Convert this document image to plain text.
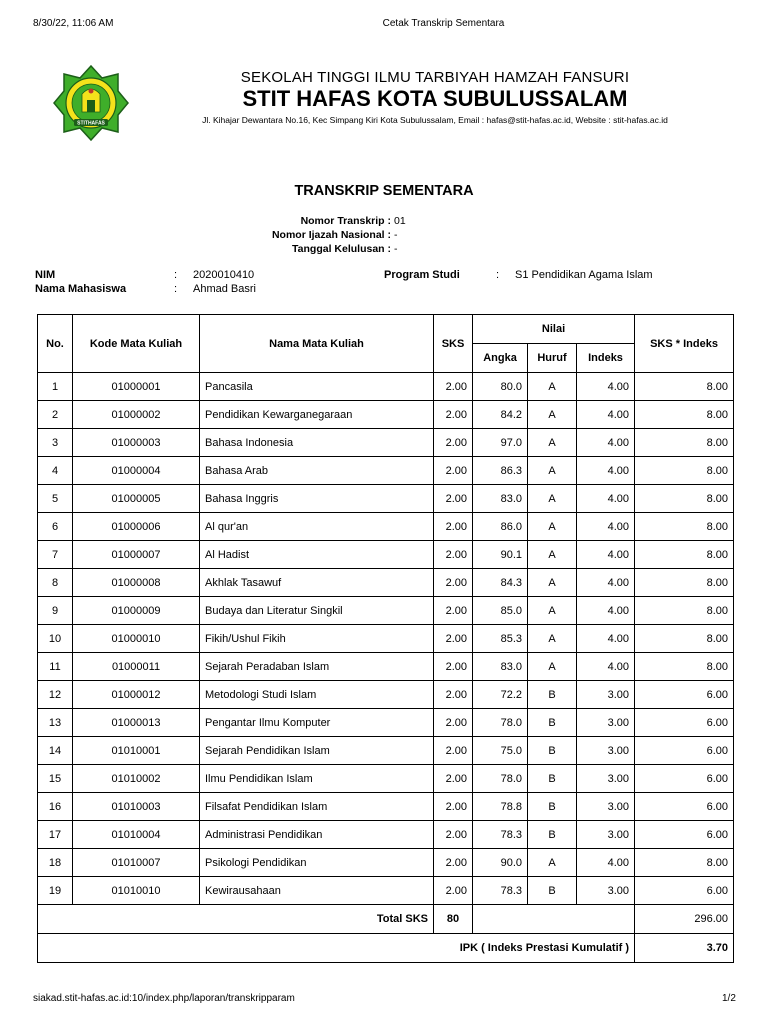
8/30/22, 11:06 AM	Cetak Transkrip Sementara
STITHAFAS
SEKOLAH TINGGI ILMU TARBIYAH HAMZAH FANSURI
STIT HAFAS KOTA SUBULUSSALAM
Jl. Kihajar Dewantara No.16, Kec Simpang Kiri Kota Subulussalam, Email : hafas@stit-hafas.ac.id, Website : stit-hafas.ac.id
TRANSKRIP SEMENTARA
Nomor Transkrip : 01
Nomor Ijazah Nasional : -
Tanggal Kelulusan : -
NIM	: 2020010410
Nama Mahasiswa	: Ahmad Basri
Program Studi	: S1 Pendidikan Agama Islam
No.	Kode Mata Kuliah	Nama Mata Kuliah	SKS	Nilai			SKS * Indeks
				Angka	Huruf	Indeks	
1	01000001	Pancasila	2.00	80.0	A	4.00	8.00
2	01000002	Pendidikan Kewarganegaraan	2.00	84.2	A	4.00	8.00
3	01000003	Bahasa Indonesia	2.00	97.0	A	4.00	8.00
4	01000004	Bahasa Arab	2.00	86.3	A	4.00	8.00
5	01000005	Bahasa Inggris	2.00	83.0	A	4.00	8.00
6	01000006	Al qur'an	2.00	86.0	A	4.00	8.00
7	01000007	Al Hadist	2.00	90.1	A	4.00	8.00
8	01000008	Akhlak Tasawuf	2.00	84.3	A	4.00	8.00
9	01000009	Budaya dan Literatur Singkil	2.00	85.0	A	4.00	8.00
10	01000010	Fikih/Ushul Fikih	2.00	85.3	A	4.00	8.00
11	01000011	Sejarah Peradaban Islam	2.00	83.0	A	4.00	8.00
12	01000012	Metodologi Studi Islam	2.00	72.2	B	3.00	6.00
13	01000013	Pengantar Ilmu Komputer	2.00	78.0	B	3.00	6.00
14	01010001	Sejarah Pendidikan Islam	2.00	75.0	B	3.00	6.00
15	01010002	Ilmu Pendidikan Islam	2.00	78.0	B	3.00	6.00
16	01010003	Filsafat Pendidikan Islam	2.00	78.8	B	3.00	6.00
17	01010004	Administrasi Pendidikan	2.00	78.3	B	3.00	6.00
18	01010007	Psikologi Pendidikan	2.00	90.0	A	4.00	8.00
19	01010010	Kewirausahaan	2.00	78.3	B	3.00	6.00
Total SKS			80				296.00
IPK ( Indeks Prestasi Kumulatif )							3.70
siakad.stit-hafas.ac.id:10/index.php/laporan/transkripparam	1/2
